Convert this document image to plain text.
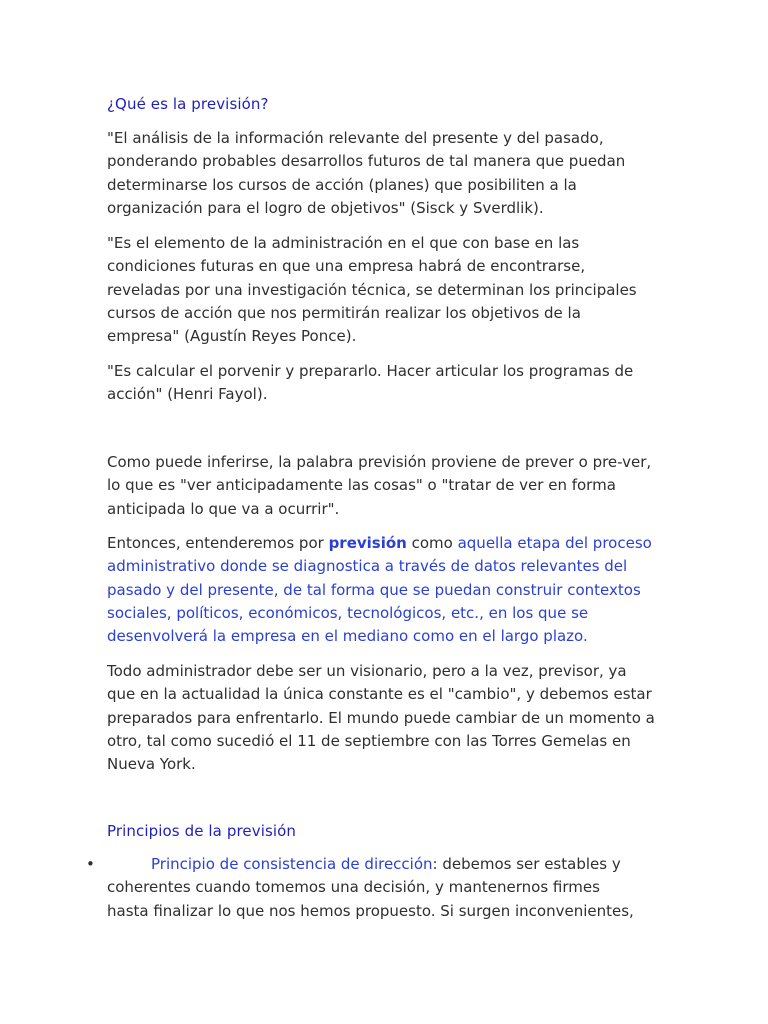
¿Qué es la previsión?

"El análisis de la información relevante del presente y del pasado,
ponderando probables desarrollos futuros de tal manera que puedan
determinarse los cursos de acción (planes) que posibiliten a la
organización para el logro de objetivos" (Sisck y Sverdlik).

"Es el elemento de la administración en el que con base en las
condiciones futuras en que una empresa habrá de encontrarse,
reveladas por una investigación técnica, se determinan los principales
cursos de acción que nos permitirán realizar los objetivos de la
empresa" (Agustín Reyes Ponce).

"Es calcular el porvenir y prepararlo. Hacer articular los programas de
acción" (Henri Fayol).

Como puede inferirse, la palabra previsión proviene de prever o pre-ver,
lo que es "ver anticipadamente las cosas" o "tratar de ver en forma
anticipada lo que va a ocurrir".

Entonces, entenderemos por previsión como aquella etapa del proceso
administrativo donde se diagnostica a través de datos relevantes del
pasado y del presente, de tal forma que se puedan construir contextos
sociales, políticos, económicos, tecnológicos, etc., en los que se
desenvolverá la empresa en el mediano como en el largo plazo.

Todo administrador debe ser un visionario, pero a la vez, previsor, ya
que en la actualidad la única constante es el "cambio", y debemos estar
preparados para enfrentarlo. El mundo puede cambiar de un momento a
otro, tal como sucedió el 11 de septiembre con las Torres Gemelas en
Nueva York.

Principios de la previsión
•	Principio de consistencia de dirección: debemos ser estables y
coherentes cuando tomemos una decisión, y mantenernos firmes
hasta finalizar lo que nos hemos propuesto. Si surgen inconvenientes,
